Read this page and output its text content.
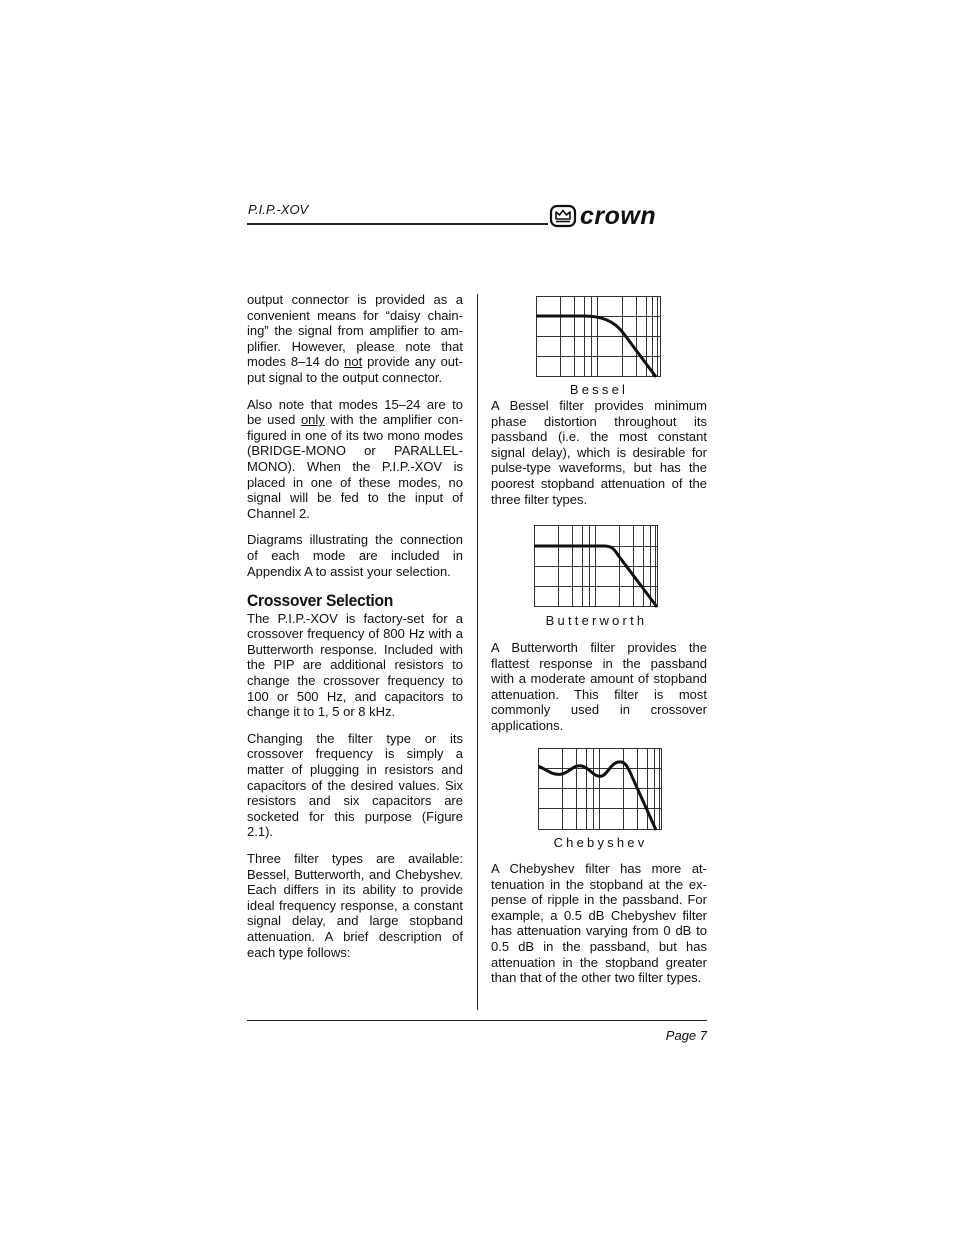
P.I.P.-XOV	crown

output connector is provided as a convenient means for “daisy chaining” the signal from amplifier to amplifier. However, please note that modes 8–14 do not provide any output signal to the output connector.

Also note that modes 15–24 are to be used only with the amplifier configured in one of its two mono modes (BRIDGE-MONO or PARALLEL-MONO). When the P.I.P.-XOV is placed in one of these modes, no signal will be fed to the input of Channel 2.

Diagrams illustrating the connection of each mode are included in Appendix A to assist your selection.

Crossover Selection

The P.I.P.-XOV is factory-set for a crossover frequency of 800 Hz with a Butterworth response. Included with the PIP are additional resistors to change the crossover frequency to 100 or 500 Hz, and capacitors to change it to 1, 5 or 8 kHz.

Changing the filter type or its crossover frequency is simply a matter of plugging in resistors and capacitors of the desired values. Six resistors and six capacitors are socketed for this purpose (Figure 2.1).

Three filter types are available: Bessel, Butterworth, and Chebyshev. Each differs in its ability to provide ideal frequency response, a constant signal delay, and large stopband attenuation. A brief description of each type follows:

Bessel

A Bessel filter provides minimum phase distortion throughout its passband (i.e. the most constant signal delay), which is desirable for pulse-type waveforms, but has the poorest stopband attenuation of the three filter types.

Butterworth

A Butterworth filter provides the flattest response in the passband with a moderate amount of stopband attenuation. This filter is most commonly used in crossover applications.

Chebyshev

A Chebyshev filter has more attenuation in the stopband at the expense of ripple in the passband. For example, a 0.5 dB Chebyshev filter has attenuation varying from 0 dB to 0.5 dB in the passband, but has attenuation in the stopband greater than that of the other two filter types.

Page 7
